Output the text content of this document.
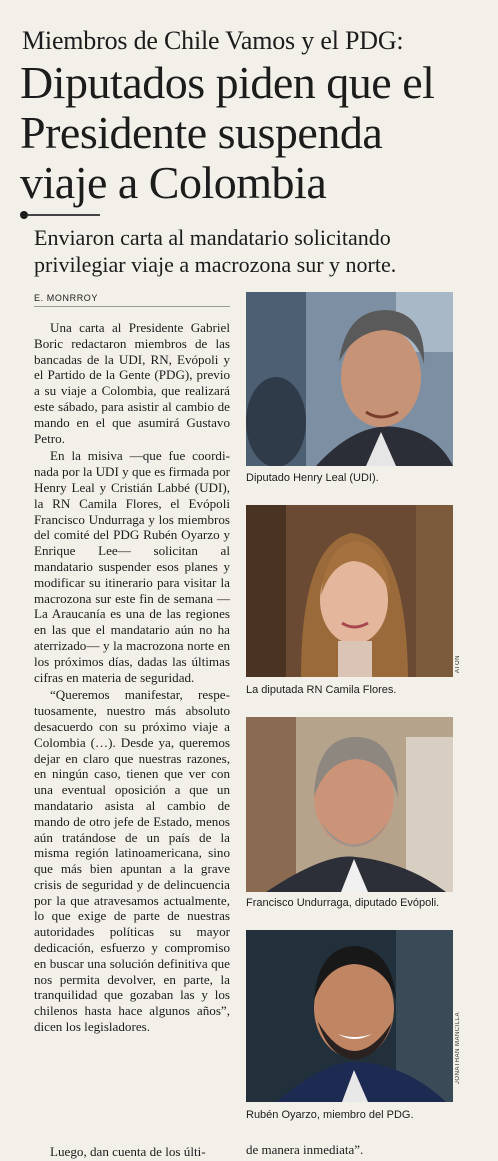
Miembros de Chile Vamos y el PDG:
Diputados piden que el
Presidente suspenda
viaje a Colombia
Enviaron carta al mandatario solicitando
privilegiar viaje a macrozona sur y norte.
E. MONRROY

Una carta al Presidente Gabriel Boric redactaron miembros de las bancadas de la UDI, RN, Evópoli y el Partido de la Gente (PDG), previo a su viaje a Colombia, que realizará este sábado, para asistir al cambio de mando en el que asumirá Gustavo Petro.

En la misiva —que fue coordinada por la UDI y que es firmada por Henry Leal y Cristián Labbé (UDI), la RN Camila Flores, el Evópoli Francisco Undurraga y los miembros del comité del PDG Rubén Oyarzo y Enrique Lee— solicitan al mandatario suspender esos planes y modificar su itinerario para visitar la macrozona sur este fin de semana —La Araucanía es una de las regiones en las que el mandatario aún no ha aterrizado— y la macrozona norte en los próximos días, dadas las últimas cifras en materia de seguridad.

“Queremos manifestar, respetuosamente, nuestro más absoluto desacuerdo con su próximo viaje a Colombia (…). Desde ya, queremos dejar en claro que nuestras razones, en ningún caso, tienen que ver con una eventual oposición a que un mandatario asista al cambio de mando de otro jefe de Estado, menos aún tratándose de un país de la misma región latinoamericana, sino que más bien apuntan a la grave crisis de seguridad y de delincuencia por la que atravesamos actualmente, lo que exige de parte de nuestras autoridades políticas su mayor dedicación, esfuerzo y compromiso en buscar una solución definitiva que nos permita devolver, en parte, la tranquilidad que gozaban las y los chilenos hasta hace algunos años”, dicen los legisladores.

Luego, dan cuenta de los últi-

Diputado Henry Leal (UDI).
ATON
La diputada RN Camila Flores.
Francisco Undurraga, diputado Evópoli.
JONATHAN MANCILLA
Rubén Oyarzo, miembro del PDG.
de manera inmediata”.
